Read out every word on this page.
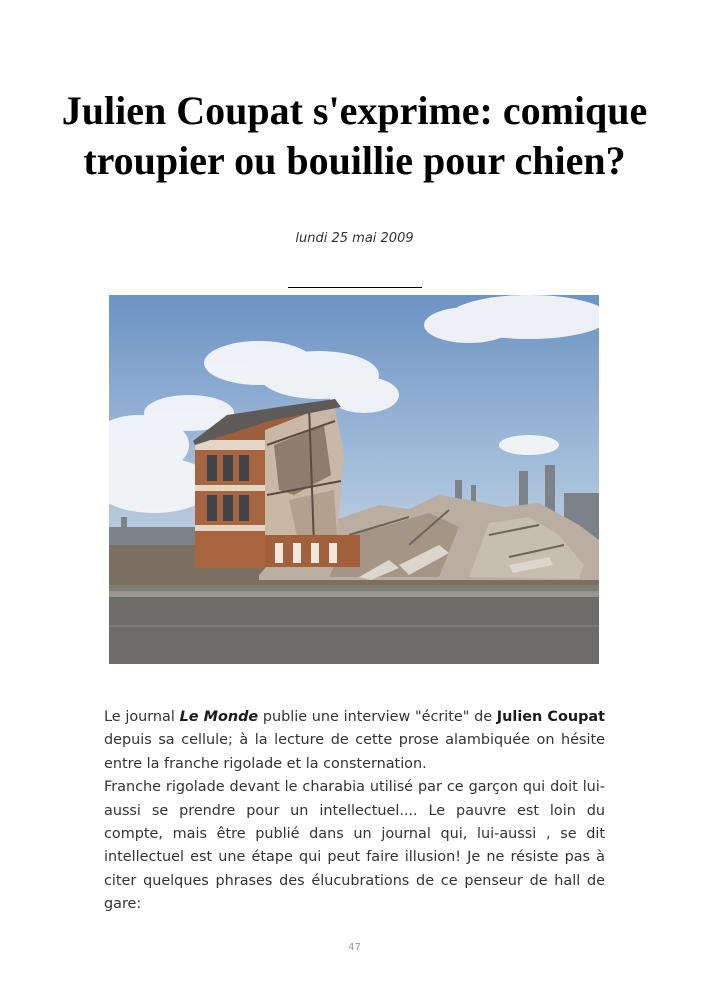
Julien Coupat s'exprime: comique troupier ou bouillie pour chien?
lundi 25 mai 2009

Le journal Le Monde publie une interview "écrite" de Julien Coupat depuis sa cellule; à la lecture de cette prose alambiquée on hésite entre la franche rigolade et la consternation.

Franche rigolade devant le charabia utilisé par ce garçon qui doit lui-aussi se prendre pour un intellectuel.... Le pauvre est loin du compte, mais être publié dans un journal qui, lui-aussi , se dit intellectuel est une étape qui peut faire illusion! Je ne résiste pas à citer quelques phrases des élucubrations de ce penseur de hall de gare:

47
